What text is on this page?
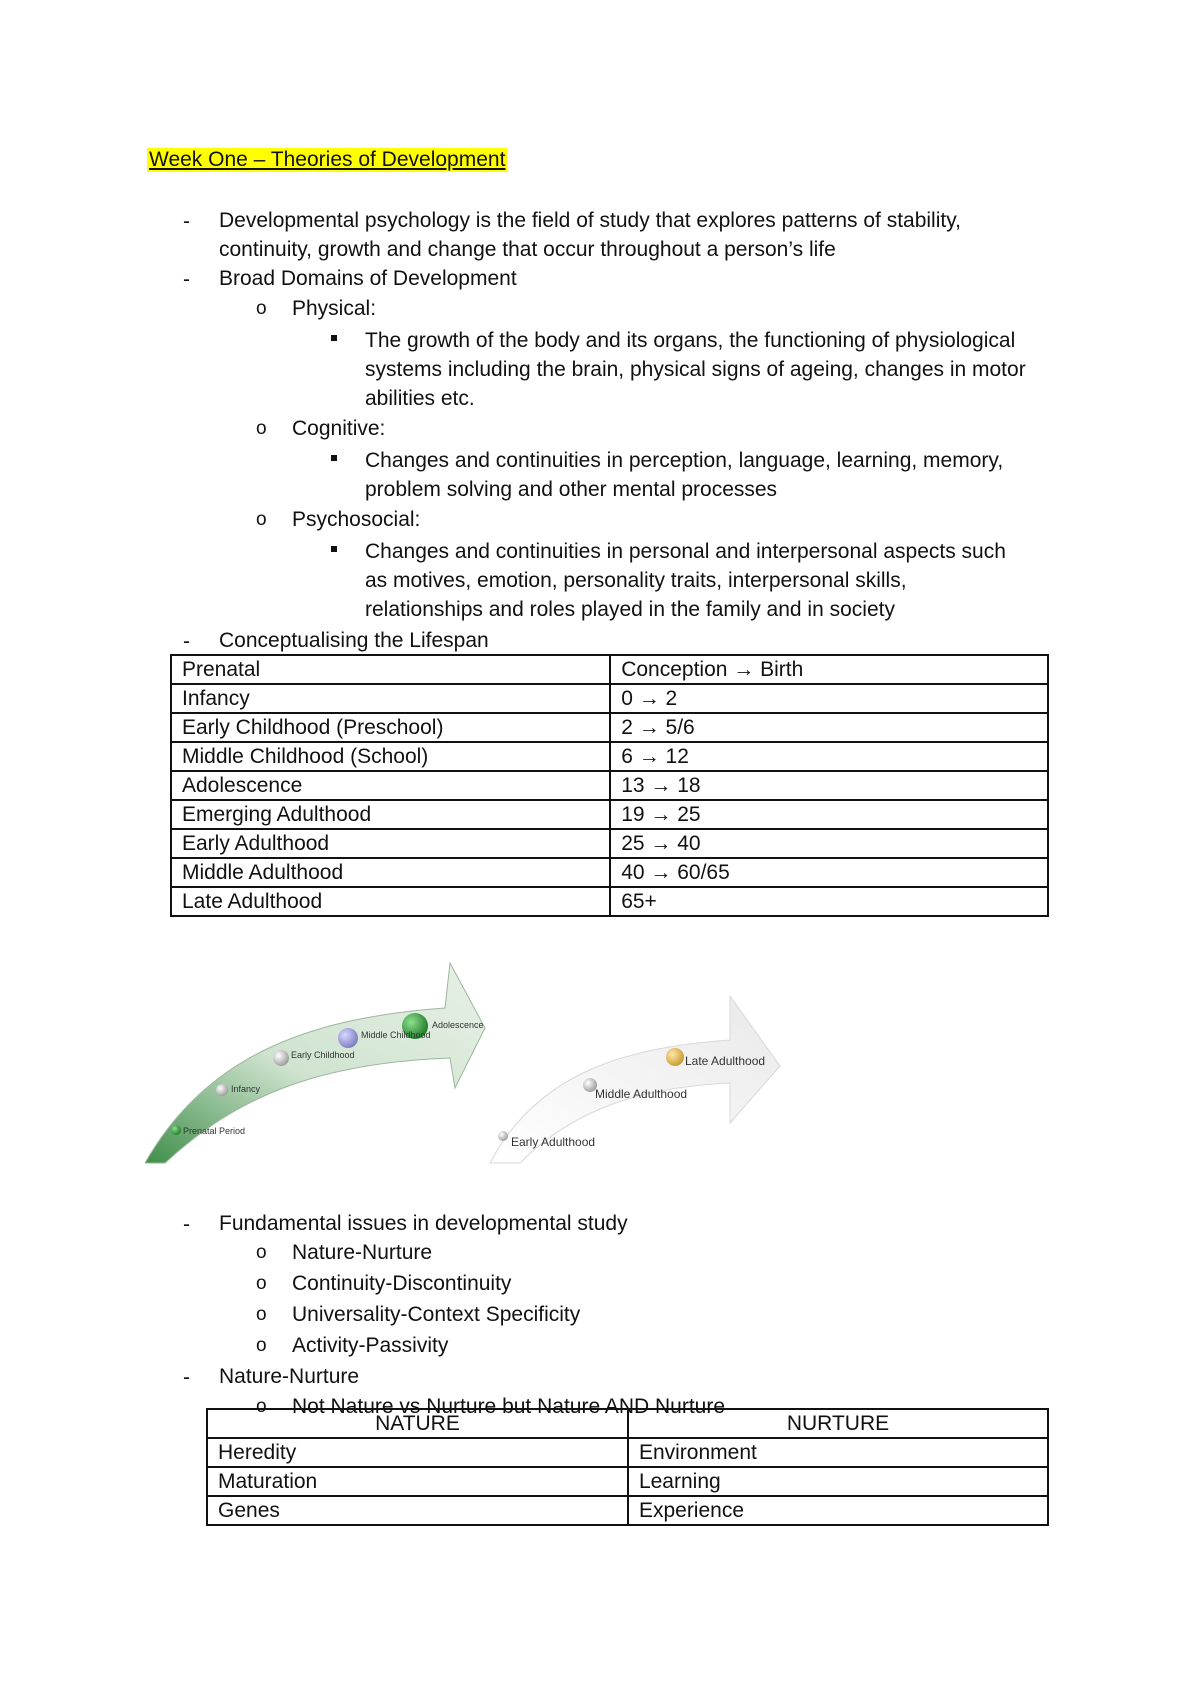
Week One – Theories of Development
- Developmental psychology is the field of study that explores patterns of stability,
continuity, growth and change that occur throughout a person’s life
- Broad Domains of Development
o Physical:
The growth of the body and its organs, the functioning of physiological
systems including the brain, physical signs of ageing, changes in motor
abilities etc.
o Cognitive:
Changes and continuities in perception, language, learning, memory,
problem solving and other mental processes
o Psychosocial:
Changes and continuities in personal and interpersonal aspects such
as motives, emotion, personality traits, interpersonal skills,
relationships and roles played in the family and in society
- Conceptualising the Lifespan
Prenatal	Conception → Birth
Infancy	0 → 2
Early Childhood (Preschool)	2 → 5/6
Middle Childhood (School)	6 → 12
Adolescence	13 → 18
Emerging Adulthood	19 → 25
Early Adulthood	25 → 40
Middle Adulthood	40 → 60/65
Late Adulthood	65+
Prenatal Period
Infancy
Early Childhood
Middle Childhood
Adolescence
Early Adulthood
Middle Adulthood
Late Adulthood
- Fundamental issues in developmental study
o Nature-Nurture
o Continuity-Discontinuity
o Universality-Context Specificity
o Activity-Passivity
- Nature-Nurture
o Not Nature vs Nurture but Nature AND Nurture
NATURE	NURTURE
Heredity	Environment
Maturation	Learning
Genes	Experience
